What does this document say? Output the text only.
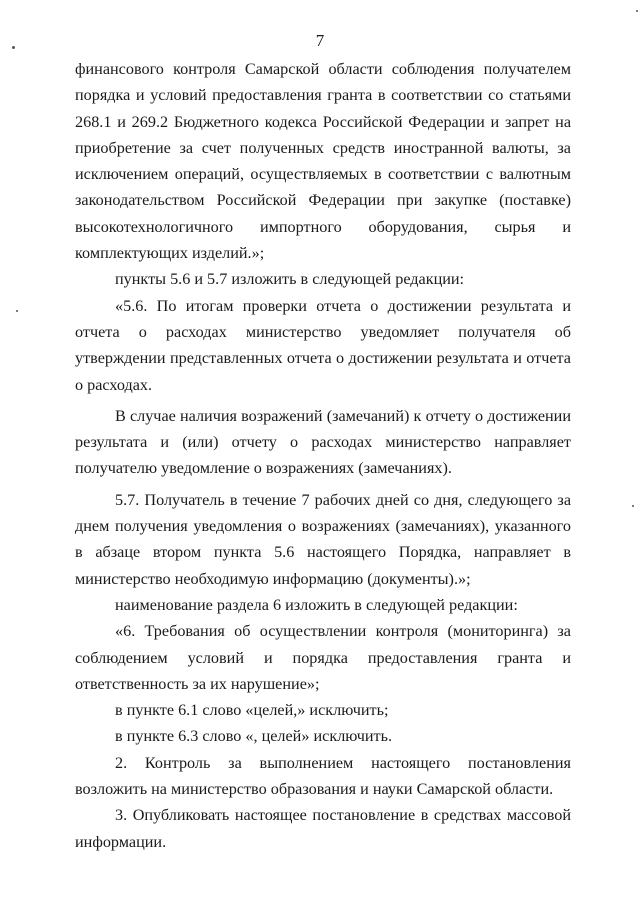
7

финансового контроля Самарской области соблюдения получателем порядка и условий предоставления гранта в соответствии со статьями 268.1 и 269.2 Бюджетного кодекса Российской Федерации и запрет на приобретение за счет полученных средств иностранной валюты, за исключением операций, осуществляемых в соответствии с валютным законодательством Российской Федерации при закупке (поставке) высокотехнологичного импортного оборудования, сырья и комплектующих изделий.»;

пункты 5.6 и 5.7 изложить в следующей редакции:

«5.6. По итогам проверки отчета о достижении результата и отчета о расходах министерство уведомляет получателя об утверждении представленных отчета о достижении результата и отчета о расходах.

В случае наличия возражений (замечаний) к отчету о достижении результата и (или) отчету о расходах министерство направляет получателю уведомление о возражениях (замечаниях).

5.7. Получатель в течение 7 рабочих дней со дня, следующего за днем получения уведомления о возражениях (замечаниях), указанного в абзаце втором пункта 5.6 настоящего Порядка, направляет в министерство необходимую информацию (документы).»;

наименование раздела 6 изложить в следующей редакции:

«6. Требования об осуществлении контроля (мониторинга) за соблюдением условий и порядка предоставления гранта и ответственность за их нарушение»;

в пункте 6.1 слово «целей,» исключить;

в пункте 6.3 слово «, целей» исключить.

2. Контроль за выполнением настоящего постановления возложить на министерство образования и науки Самарской области.

3. Опубликовать настоящее постановление в средствах массовой информации.
